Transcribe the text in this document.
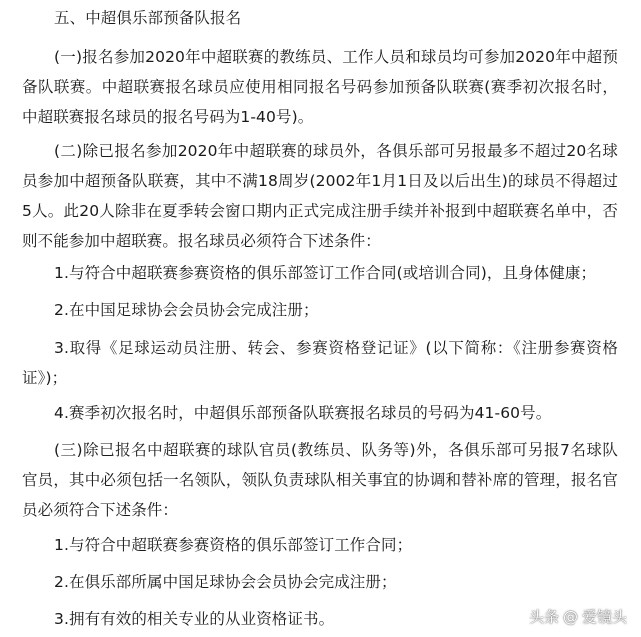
五、中超俱乐部预备队报名

(一)报名参加2020年中超联赛的教练员、工作人员和球员均可参加2020年中超预备队联赛。中超联赛报名球员应使用相同报名号码参加预备队联赛(赛季初次报名时，中超联赛报名球员的报名号码为1-40号)。

(二)除已报名参加2020年中超联赛的球员外，各俱乐部可另报最多不超过20名球员参加中超预备队联赛，其中不满18周岁(2002年1月1日及以后出生)的球员不得超过5人。此20人除非在夏季转会窗口期内正式完成注册手续并补报到中超联赛名单中，否则不能参加中超联赛。报名球员必须符合下述条件：

1.与符合中超联赛参赛资格的俱乐部签订工作合同(或培训合同)，且身体健康；

2.在中国足球协会会员协会完成注册；

3.取得《足球运动员注册、转会、参赛资格登记证》(以下简称：《注册参赛资格证》)；

4.赛季初次报名时，中超俱乐部预备队联赛报名球员的号码为41-60号。

(三)除已报名中超联赛的球队官员(教练员、队务等)外，各俱乐部可另报7名球队官员，其中必须包括一名领队，领队负责球队相关事宜的协调和替补席的管理，报名官员必须符合下述条件：

1.与符合中超联赛参赛资格的俱乐部签订工作合同；

2.在俱乐部所属中国足球协会会员协会完成注册；

3.拥有有效的相关专业的从业资格证书。	头条 @ 爱镜头
